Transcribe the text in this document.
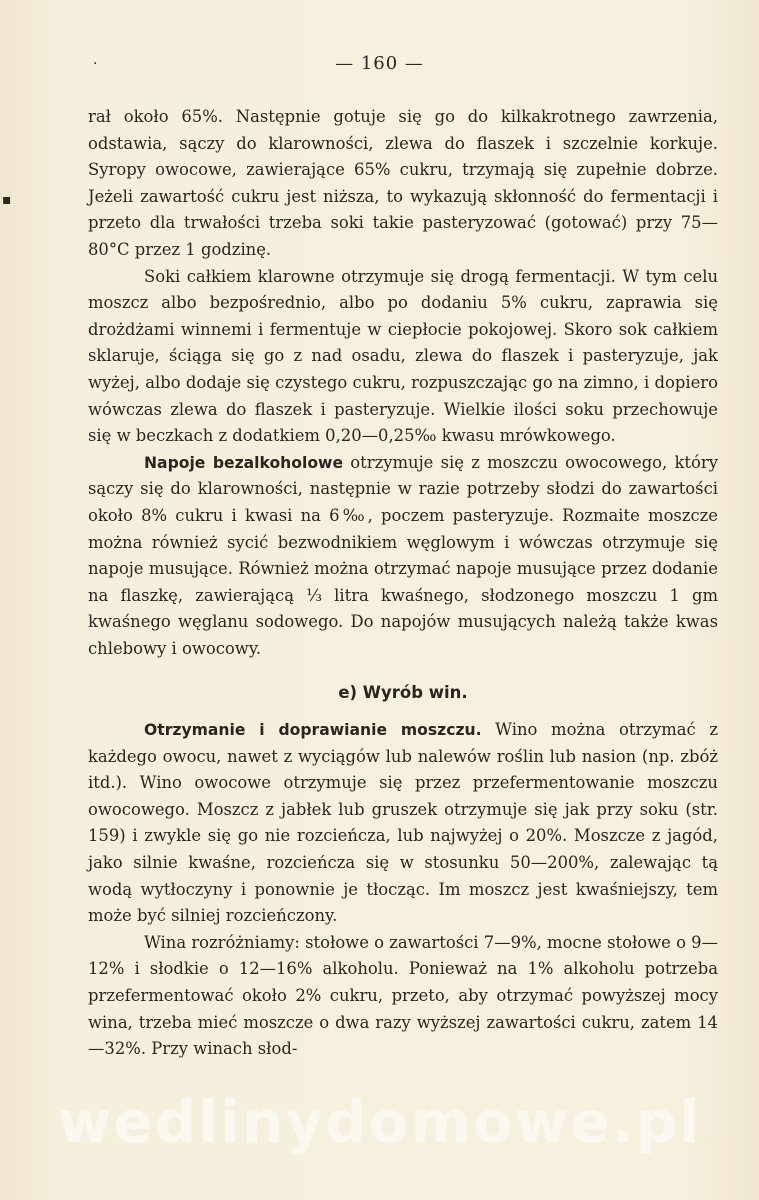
·
▪
— 160 —

rał około 65%. Następnie gotuje się go do kilkakrotnego zawrzenia, odstawia, sączy do klarowności, zlewa do flaszek i szczelnie korkuje. Syropy owocowe, zawierające 65% cukru, trzymają się zupełnie dobrze. Jeżeli zawartość cukru jest niższa, to wykazują skłonność do fermentacji i przeto dla trwałości trzeba soki takie pasteryzować (gotować) przy 75—80°C przez 1 godzinę.

Soki całkiem klarowne otrzymuje się drogą fermentacji. W tym celu moszcz albo bezpośrednio, albo po dodaniu 5% cukru, zaprawia się drożdżami winnemi i fermentuje w ciepłocie pokojowej. Skoro sok całkiem sklaruje, ściąga się go z nad osadu, zlewa do flaszek i pasteryzuje, jak wyżej, albo dodaje się czystego cukru, rozpuszczając go na zimno, i dopiero wówczas zlewa do flaszek i pasteryzuje. Wielkie ilości soku przechowuje się w beczkach z dodatkiem 0,20—0,25‰ kwasu mrówkowego.

Napoje bezalkoholowe otrzymuje się z moszczu owocowego, który sączy się do klarowności, następnie w razie potrzeby słodzi do zawartości około 8% cukru i kwasi na 6‰, poczem pasteryzuje. Rozmaite moszcze można również sycić bezwodnikiem węglowym i wówczas otrzymuje się napoje musujące. Również można otrzymać napoje musujące przez dodanie na flaszkę, zawierającą ⅓ litra kwaśnego, słodzonego moszczu 1 gm kwaśnego węglanu sodowego. Do napojów musujących należą także kwas chlebowy i owocowy.

e) Wyrób win.

Otrzymanie i doprawianie moszczu. Wino można otrzymać z każdego owocu, nawet z wyciągów lub nalewów roślin lub nasion (np. zbóż itd.). Wino owocowe otrzymuje się przez przefermentowanie moszczu owocowego. Moszcz z jabłek lub gruszek otrzymuje się jak przy soku (str. 159) i zwykle się go nie rozcieńcza, lub najwyżej o 20%. Moszcze z jagód, jako silnie kwaśne, rozcieńcza się w stosunku 50—200%, zalewając tą wodą wytłoczyny i ponownie je tłocząc. Im moszcz jest kwaśniejszy, tem może być silniej rozcieńczony.

Wina rozróżniamy: stołowe o zawartości 7—9%, mocne stołowe o 9—12% i słodkie o 12—16% alkoholu. Ponieważ na 1% alkoholu potrzeba przefermentować około 2% cukru, przeto, aby otrzymać powyższej mocy wina, trzeba mieć moszcze o dwa razy wyższej zawartości cukru, zatem 14—32%. Przy winach słod-

wedlinydomowe.pl
